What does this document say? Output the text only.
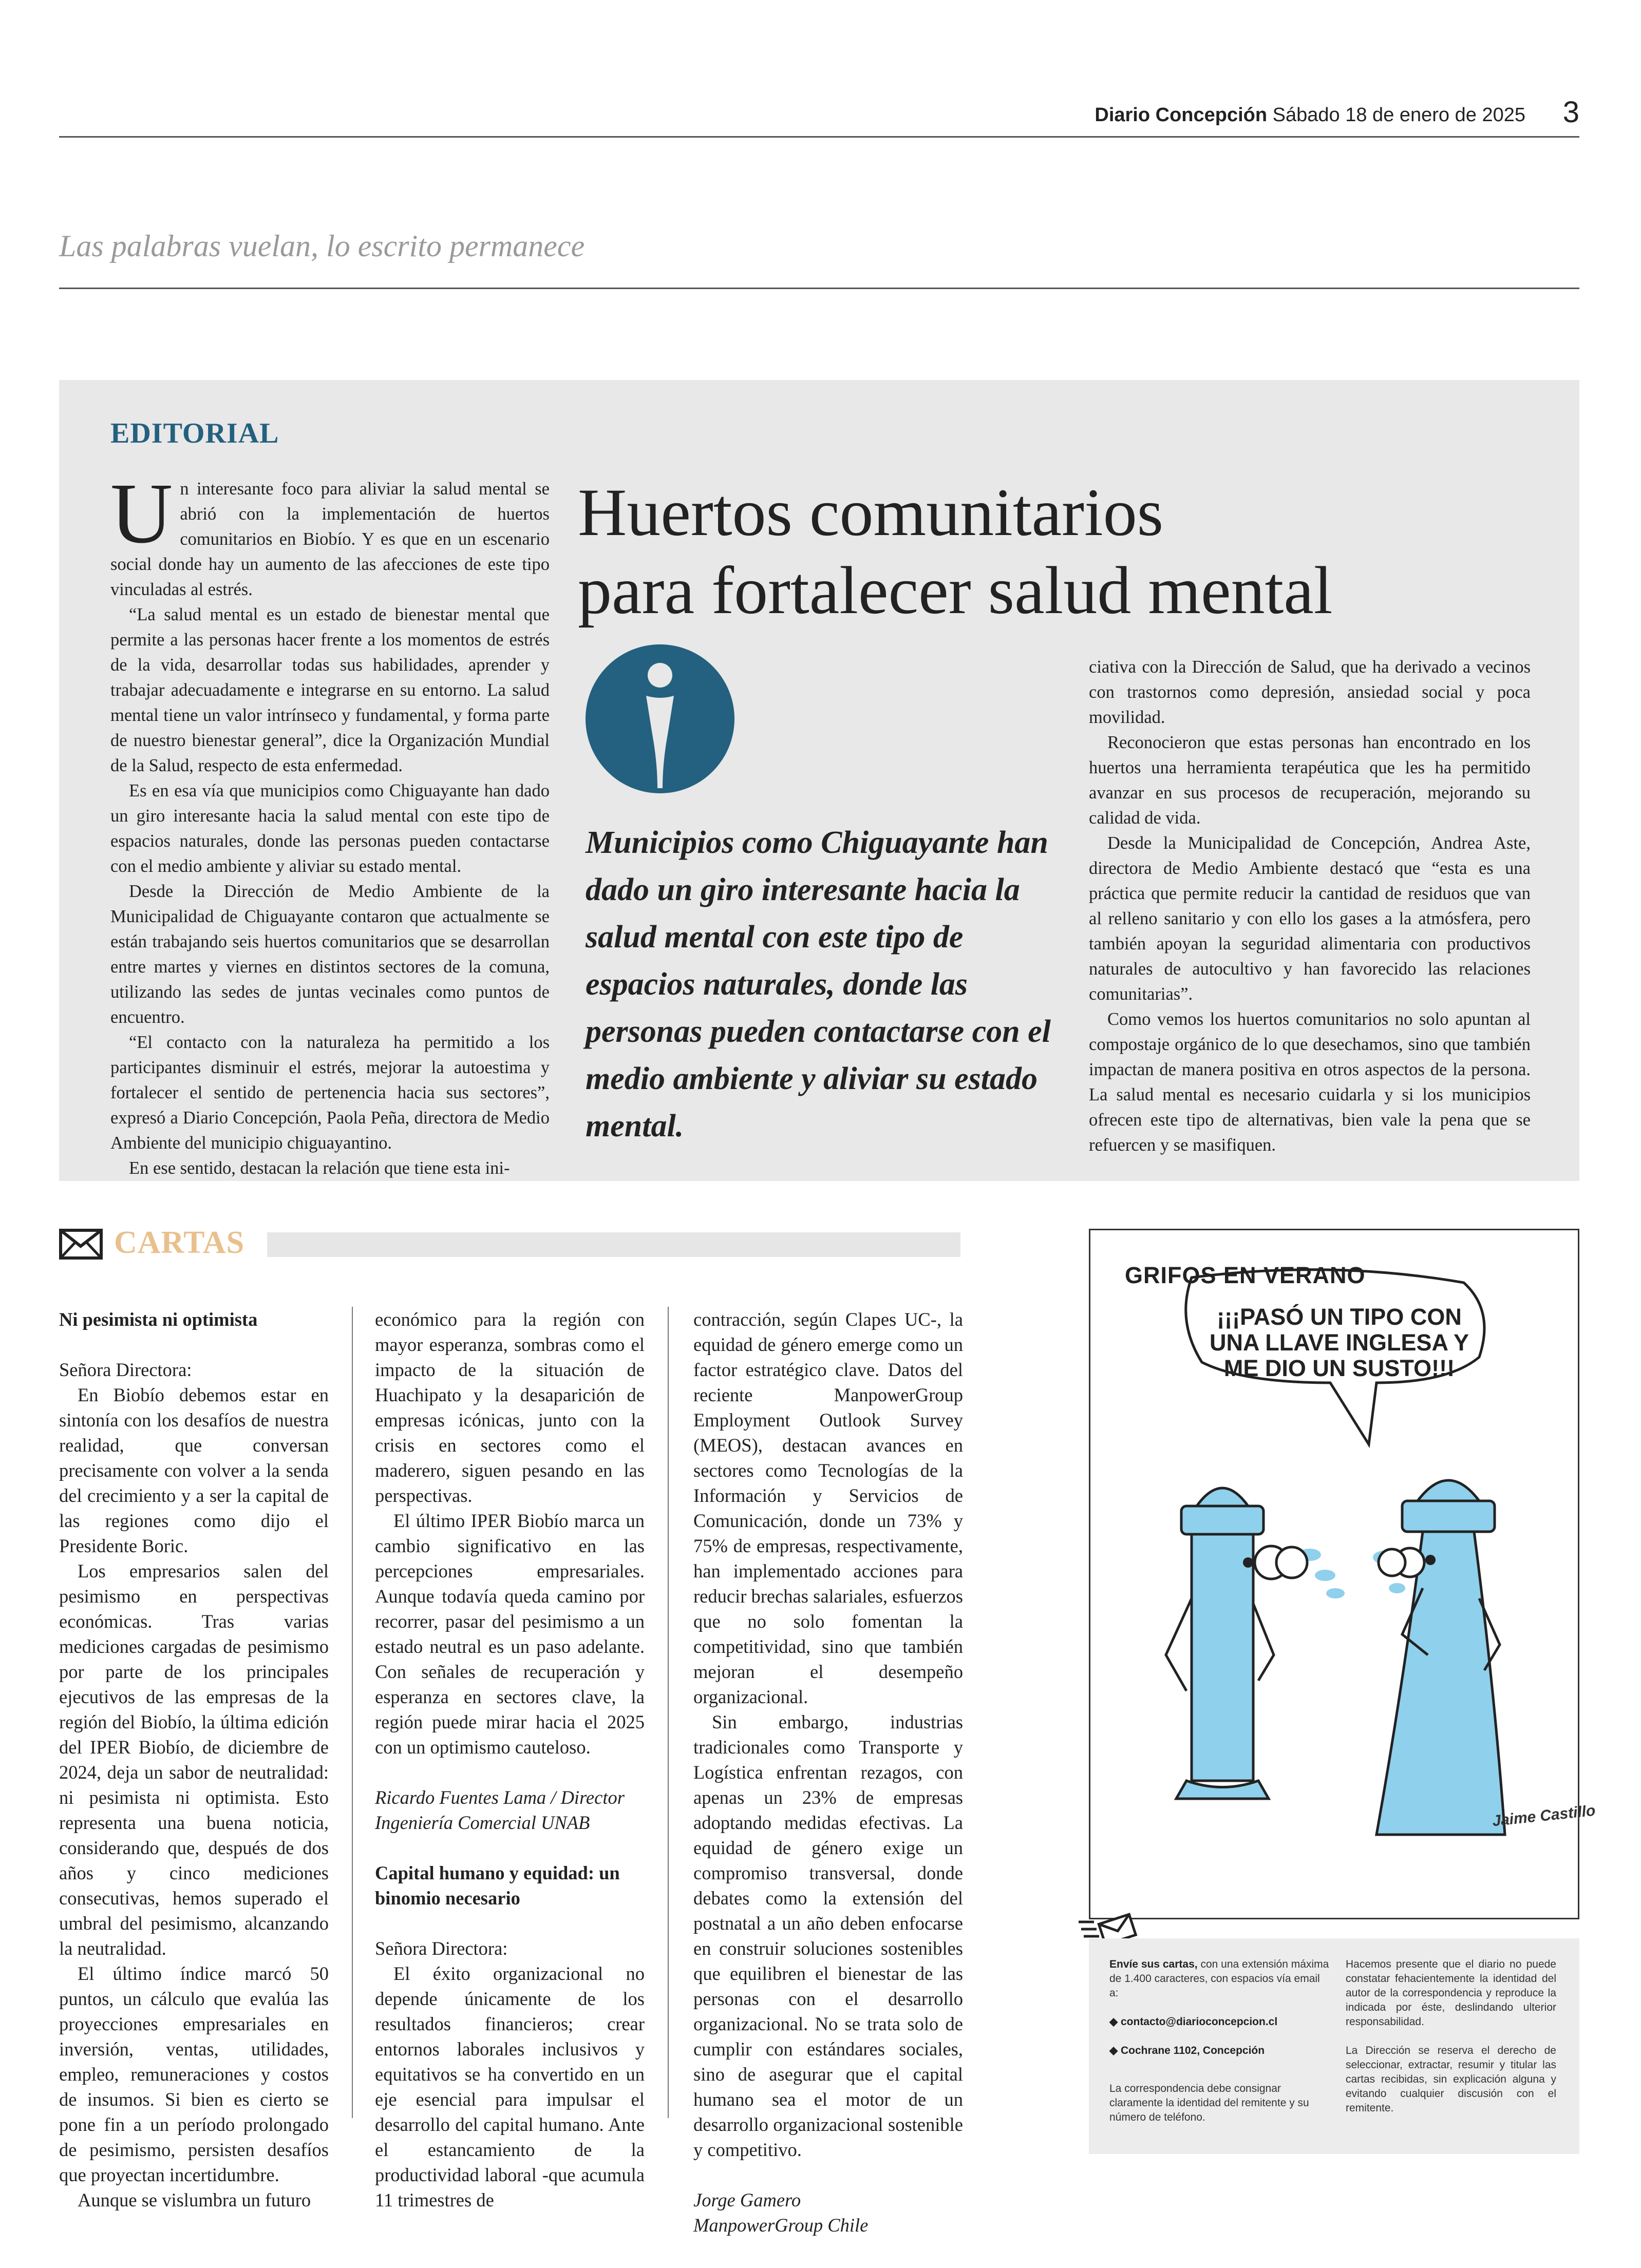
Diario Concepción Sábado 18 de enero de 2025 3
Las palabras vuelan, lo escrito permanece
EDITORIAL

Un interesante foco para aliviar la salud mental se abrió con la implementación de huertos comunitarios en Biobío. Y es que en un escenario social donde hay un aumento de las afecciones de este tipo vinculadas al estrés.

“La salud mental es un estado de bienestar mental que permite a las personas hacer frente a los momentos de estrés de la vida, desarrollar todas sus habilidades, aprender y trabajar adecuadamente e integrarse en su entorno. La salud mental tiene un valor intrínseco y fundamental, y forma parte de nuestro bienestar general”, dice la Organización Mundial de la Salud, respecto de esta enfermedad.

Es en esa vía que municipios como Chiguayante han dado un giro interesante hacia la salud mental con este tipo de espacios naturales, donde las personas pueden contactarse con el medio ambiente y aliviar su estado mental.

Desde la Dirección de Medio Ambiente de la Municipalidad de Chiguayante contaron que actualmente se están trabajando seis huertos comunitarios que se desarrollan entre martes y viernes en distintos sectores de la comuna, utilizando las sedes de juntas vecinales como puntos de encuentro.

“El contacto con la naturaleza ha permitido a los participantes disminuir el estrés, mejorar la autoestima y fortalecer el sentido de pertenencia hacia sus sectores”, expresó a Diario Concepción, Paola Peña, directora de Medio Ambiente del municipio chiguayantino.

En ese sentido, destacan la relación que tiene esta ini-

Huertos comunitarios
para fortalecer salud mental
Municipios como Chiguayante han dado un giro interesante hacia la salud mental con este tipo de espacios naturales, donde las personas pueden contactarse con el medio ambiente y aliviar su estado mental.

ciativa con la Dirección de Salud, que ha derivado a vecinos con trastornos como depresión, ansiedad social y poca movilidad.

Reconocieron que estas personas han encontrado en los huertos una herramienta terapéutica que les ha permitido avanzar en sus procesos de recuperación, mejorando su calidad de vida.

Desde la Municipalidad de Concepción, Andrea Aste, directora de Medio Ambiente destacó que “esta es una práctica que permite reducir la cantidad de residuos que van al relleno sanitario y con ello los gases a la atmósfera, pero también apoyan la seguridad alimentaria con productivos naturales de autocultivo y han favorecido las relaciones comunitarias”.

Como vemos los huertos comunitarios no solo apuntan al compostaje orgánico de lo que desechamos, sino que también impactan de manera positiva en otros aspectos de la persona. La salud mental es necesario cuidarla y si los municipios ofrecen este tipo de alternativas, bien vale la pena que se refuercen y se masifiquen.

CARTAS

Ni pesimista ni optimista

Señora Directora:

En Biobío debemos estar en sintonía con los desafíos de nuestra realidad, que conversan precisamente con volver a la senda del crecimiento y a ser la capital de las regiones como dijo el Presidente Boric.

Los empresarios salen del pesimismo en perspectivas económicas. Tras varias mediciones cargadas de pesimismo por parte de los principales ejecutivos de las empresas de la región del Biobío, la última edición del IPER Biobío, de diciembre de 2024, deja un sabor de neutralidad: ni pesimista ni optimista. Esto representa una buena noticia, considerando que, después de dos años y cinco mediciones consecutivas, hemos superado el umbral del pesimismo, alcanzando la neutralidad.

El último índice marcó 50 puntos, un cálculo que evalúa las proyecciones empresariales en inversión, ventas, utilidades, empleo, remuneraciones y costos de insumos. Si bien es cierto se pone fin a un período prolongado de pesimismo, persisten desafíos que proyectan incertidumbre.

Aunque se vislumbra un futuro

económico para la región con mayor esperanza, sombras como el impacto de la situación de Huachipato y la desaparición de empresas icónicas, junto con la crisis en sectores como el maderero, siguen pesando en las perspectivas.

El último IPER Biobío marca un cambio significativo en las percepciones empresariales. Aunque todavía queda camino por recorrer, pasar del pesimismo a un estado neutral es un paso adelante. Con señales de recuperación y esperanza en sectores clave, la región puede mirar hacia el 2025 con un optimismo cauteloso.

Ricardo Fuentes Lama / Director Ingeniería Comercial UNAB

Capital humano y equidad: un binomio necesario

Señora Directora:

El éxito organizacional no depende únicamente de los resultados financieros; crear entornos laborales inclusivos y equitativos se ha convertido en un eje esencial para impulsar el desarrollo del capital humano. Ante el estancamiento de la productividad laboral -que acumula 11 trimestres de

contracción, según Clapes UC-, la equidad de género emerge como un factor estratégico clave. Datos del reciente ManpowerGroup Employment Outlook Survey (MEOS), destacan avances en sectores como Tecnologías de la Información y Servicios de Comunicación, donde un 73% y 75% de empresas, respectivamente, han implementado acciones para reducir brechas salariales, esfuerzos que no solo fomentan la competitividad, sino que también mejoran el desempeño organizacional.

Sin embargo, industrias tradicionales como Transporte y Logística enfrentan rezagos, con apenas un 23% de empresas adoptando medidas efectivas. La equidad de género exige un compromiso transversal, donde debates como la extensión del postnatal a un año deben enfocarse en construir soluciones sostenibles que equilibren el bienestar de las personas con el desarrollo organizacional. No se trata solo de cumplir con estándares sociales, sino de asegurar que el capital humano sea el motor de un desarrollo organizacional sostenible y competitivo.

Jorge Gamero

ManpowerGroup Chile

GRIFOS EN VERANO
¡¡¡PASÓ UN TIPO CON UNA LLAVE INGLESA Y ME DIO UN SUSTO!!!
Jaime Castillo
Envíe sus cartas, con una extensión máxima de 1.400 caracteres, con espacios vía email a:
◆ contacto@diarioconcepcion.cl
◆ Cochrane 1102, Concepción
La correspondencia debe consignar claramente la identidad del remitente y su número de teléfono.

Hacemos presente que el diario no puede constatar fehacientemente la identidad del autor de la correspondencia y reproduce la indicada por éste, deslindando ulterior responsabilidad.

La Dirección se reserva el derecho de seleccionar, extractar, resumir y titular las cartas recibidas, sin explicación alguna y evitando cualquier discusión con el remitente.
